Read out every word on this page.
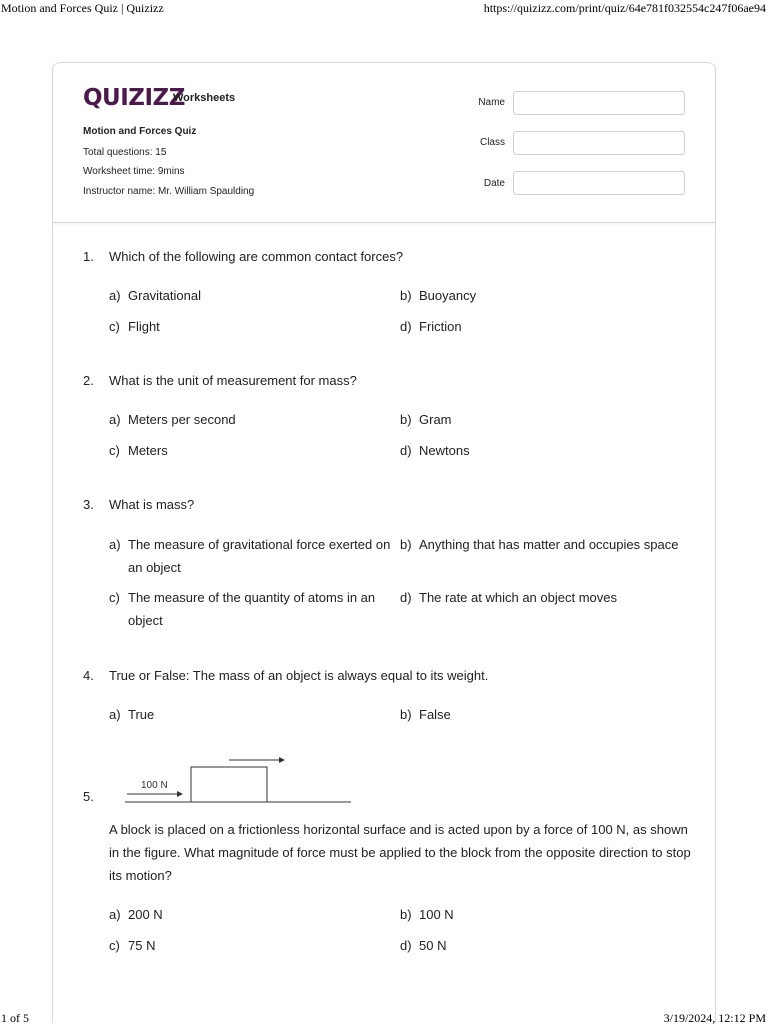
Motion and Forces Quiz | Quizizz	https://quizizz.com/print/quiz/64e781f032554c247f06ae94
QUIZIZZ
Worksheets
Motion and Forces Quiz
Total questions: 15
Worksheet time: 9mins
Instructor name: Mr. William Spaulding
Name
Class
Date
1. Which of the following are common contact forces?
a) Gravitational	b) Buoyancy
c) Flight	d) Friction
2. What is the unit of measurement for mass?
a) Meters per second	b) Gram
c) Meters	d) Newtons
3. What is mass?
a) The measure of gravitational force exerted on an object
b) Anything that has matter and occupies space
c) The measure of the quantity of atoms in an object
d) The rate at which an object moves
4. True or False: The mass of an object is always equal to its weight.
a) True	b) False
5.
100 N
A block is placed on a frictionless horizontal surface and is acted upon by a force of 100 N, as shown in the figure. What magnitude of force must be applied to the block from the opposite direction to stop its motion?
a) 200 N	b) 100 N
c) 75 N	d) 50 N
1 of 5	3/19/2024, 12:12 PM
